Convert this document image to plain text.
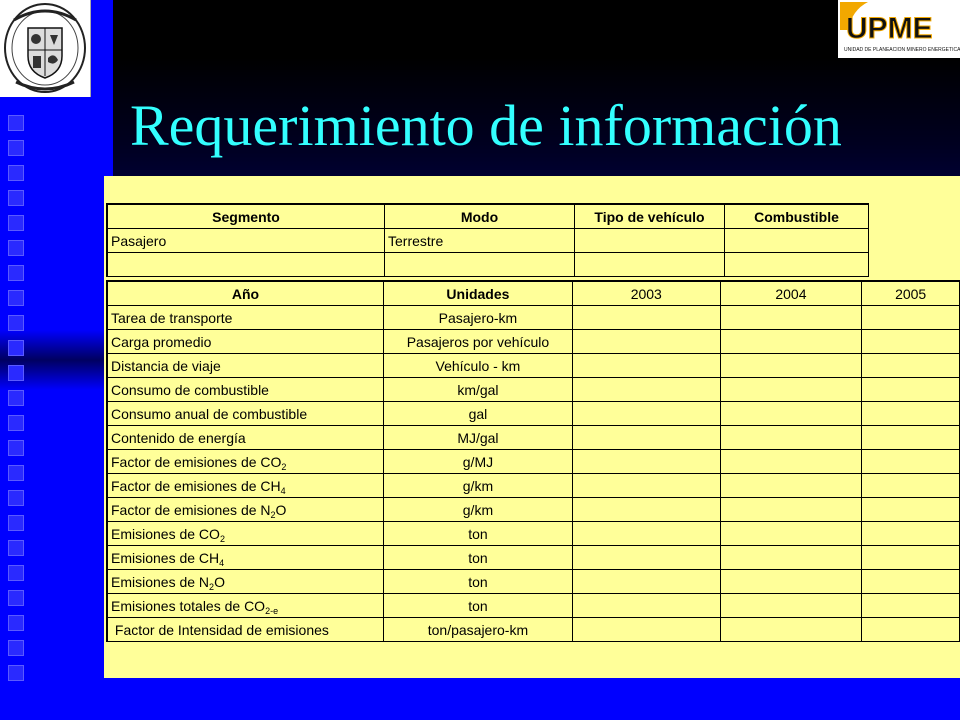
UPME
UNIDAD DE PLANEACION MINERO ENERGETICA
Requerimiento de información
Segmento	Modo	Tipo de vehículo	Combustible
Pasajero	Terrestre		

Año	Unidades	2003	2004	2005
Tarea de transporte	Pasajero-km			
Carga promedio	Pasajeros por vehículo			
Distancia de viaje	Vehículo - km			
Consumo de combustible	km/gal			
Consumo anual de combustible	gal			
Contenido de energía	MJ/gal			
Factor de emisiones de $CO_2$	g/MJ			
Factor de emisiones de $CH_4$	g/km			
Factor de emisiones de $N_2O$	g/km			
Emisiones de $CO_2$	ton			
Emisiones de $CH_4$	ton			
Emisiones de $N_2O$	ton			
Emisiones totales de $CO_{2-e}$	ton			
Factor de Intensidad de emisiones	ton/pasajero-km			
